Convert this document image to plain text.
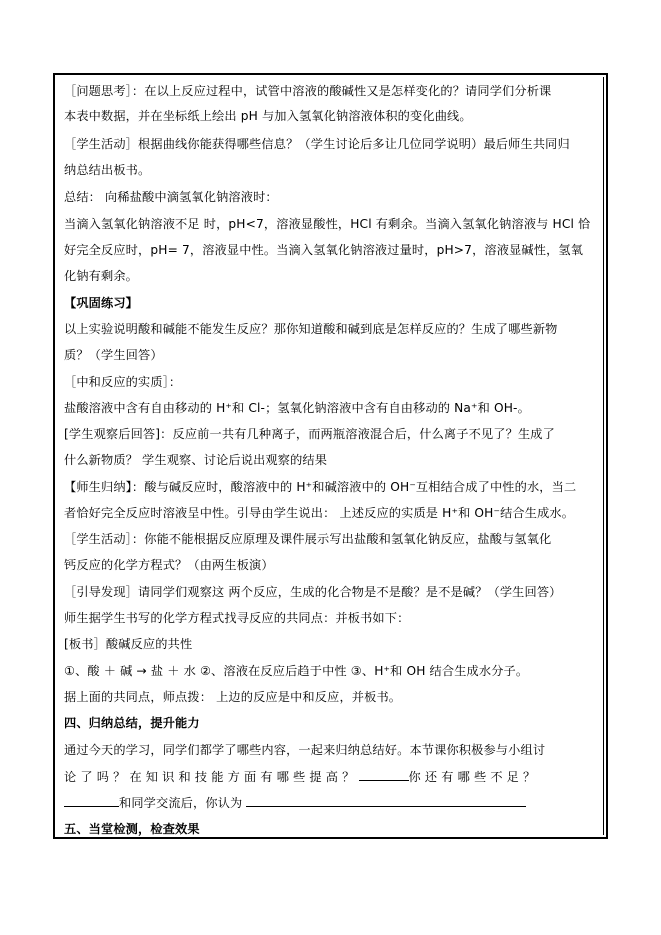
［问题思考］：在以上反应过程中，试管中溶液的酸碱性又是怎样变化的？请同学们分析课
本表中数据，并在坐标纸上绘出 pH 与加入氢氧化钠溶液体积的变化曲线。
［学生活动］根据曲线你能获得哪些信息？（学生讨论后多让几位同学说明）最后师生共同归
纳总结出板书。
总结： 向稀盐酸中滴氢氧化钠溶液时：
当滴入氢氧化钠溶液不足 时，pH<7，溶液显酸性，HCl 有剩余。当滴入氢氧化钠溶液与 HCl 恰
好完全反应时，pH= 7，溶液显中性。当滴入氢氧化钠溶液过量时，pH>7，溶液显碱性，氢氧
化钠有剩余。
【巩固练习】
以上实验说明酸和碱能不能发生反应？那你知道酸和碱到底是怎样反应的？生成了哪些新物
质？（学生回答）
［中和反应的实质］：
盐酸溶液中含有自由移动的 H⁺和 Cl-；氢氧化钠溶液中含有自由移动的 Na⁺和 OH-。
[学生观察后回答]：反应前一共有几种离子，而两瓶溶液混合后，什么离子不见了？生成了
什么新物质？ 学生观察、讨论后说出观察的结果
【师生归纳】：酸与碱反应时，酸溶液中的 H⁺和碱溶液中的 OH⁻互相结合成了中性的水，当二
者恰好完全反应时溶液呈中性。引导由学生说出： 上述反应的实质是 H⁺和 OH⁻结合生成水。
［学生活动］：你能不能根据反应原理及课件展示写出盐酸和氢氧化钠反应，盐酸与氢氧化
钙反应的化学方程式？（由两生板演）
［引导发现］请同学们观察这 两个反应，生成的化合物是不是酸？是不是碱？（学生回答）
师生据学生书写的化学方程式找寻反应的共同点：并板书如下：
[板书］酸碱反应的共性
①、酸 ＋ 碱 → 盐 ＋ 水 ②、溶液在反应后趋于中性 ③、H⁺和 OH 结合生成水分子。
据上面的共同点，师点拨： 上边的反应是中和反应，并板书。
四、归纳总结，提升能力
通过今天的学习，同学们都学了哪些内容，一起来归纳总结好。本节课你积极参与小组讨
论 了 吗 ？ 在 知 识 和 技 能 方 面 有 哪 些 提 高 ？	你 还 有 哪 些 不 足 ？
和同学交流后，你认为
五、当堂检测，检查效果
